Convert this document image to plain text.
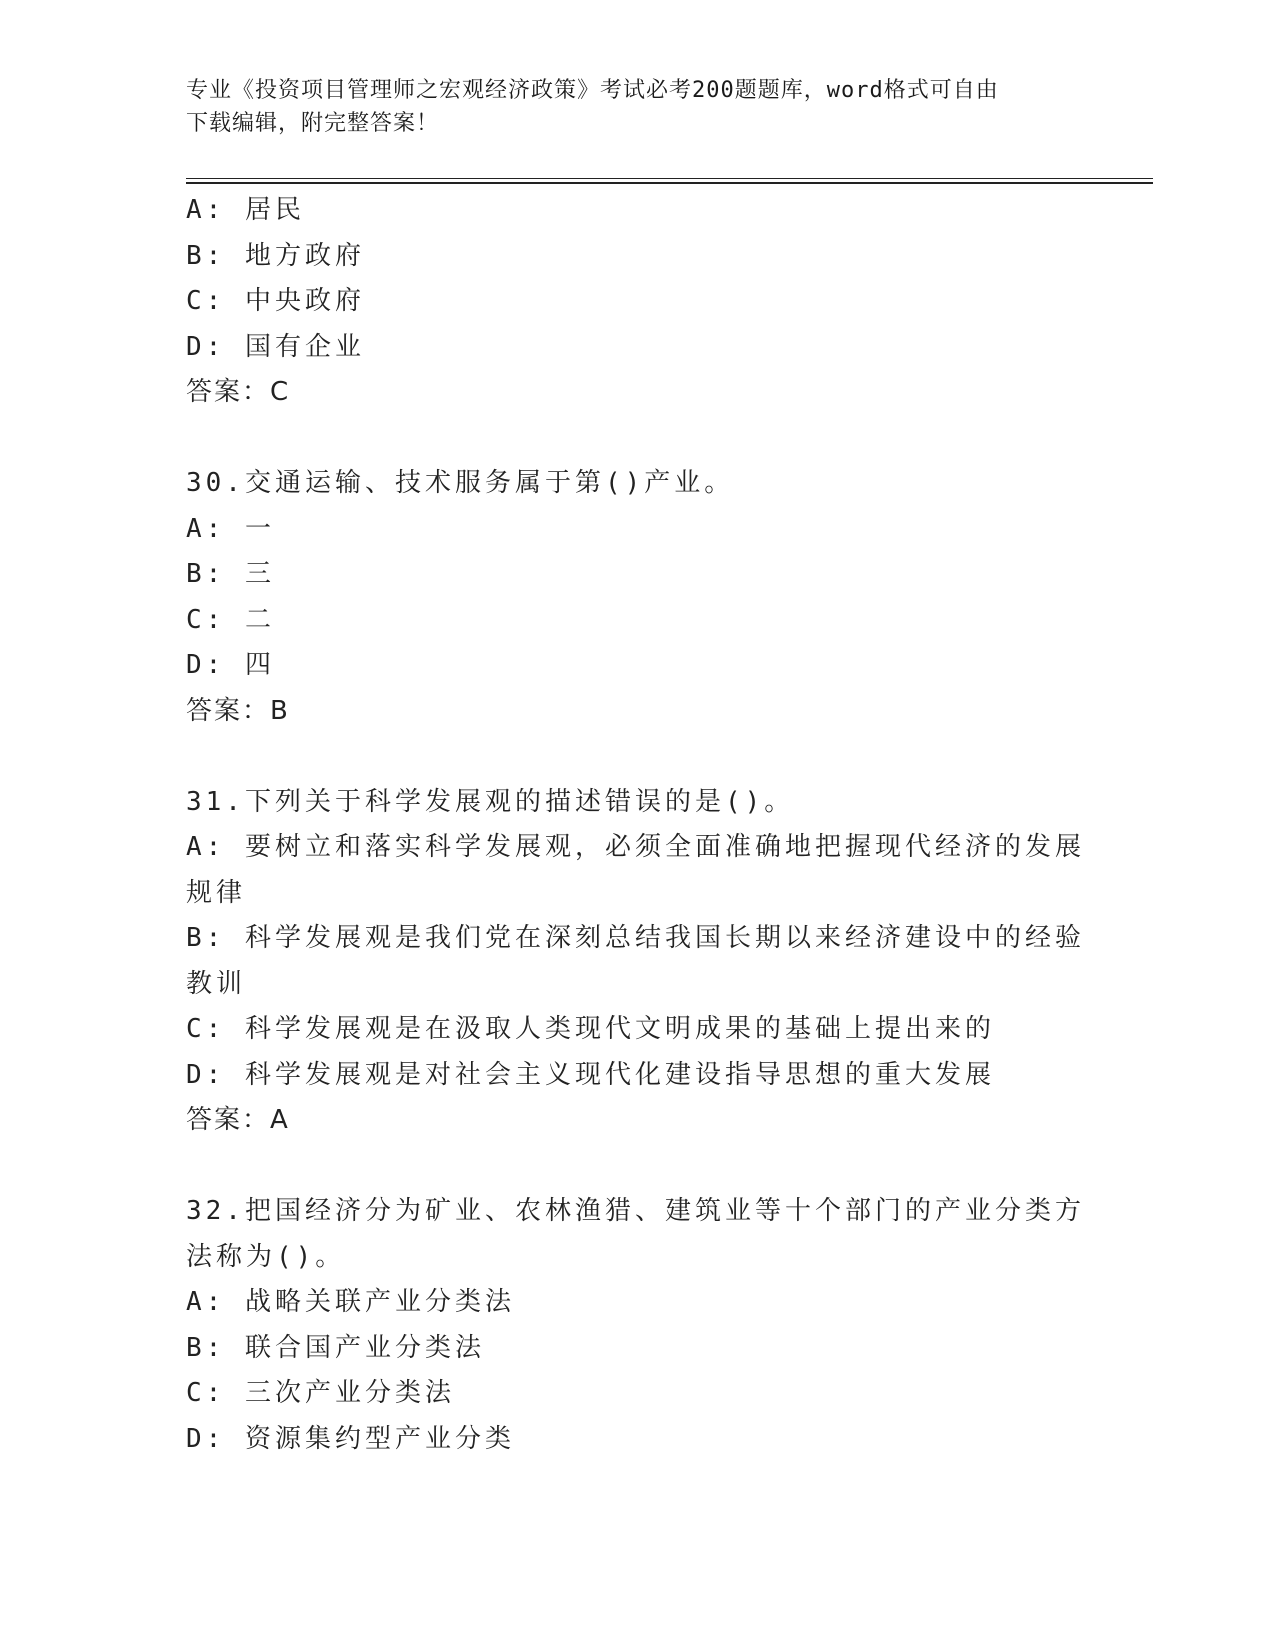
专业《投资项目管理师之宏观经济政策》考试必考200题题库，word格式可自由
下载编辑，附完整答案！
A: 居民
B: 地方政府
C: 中央政府
D: 国有企业
答案：C
30.交通运输、技术服务属于第()产业。
A: 一
B: 三
C: 二
D: 四
答案：B
31.下列关于科学发展观的描述错误的是()。
A: 要树立和落实科学发展观，必须全面准确地把握现代经济的发展规律
B: 科学发展观是我们党在深刻总结我国长期以来经济建设中的经验教训
C: 科学发展观是在汲取人类现代文明成果的基础上提出来的
D: 科学发展观是对社会主义现代化建设指导思想的重大发展
答案：A
32.把国经济分为矿业、农林渔猎、建筑业等十个部门的产业分类方法称为()。
A: 战略关联产业分类法
B: 联合国产业分类法
C: 三次产业分类法
D: 资源集约型产业分类
